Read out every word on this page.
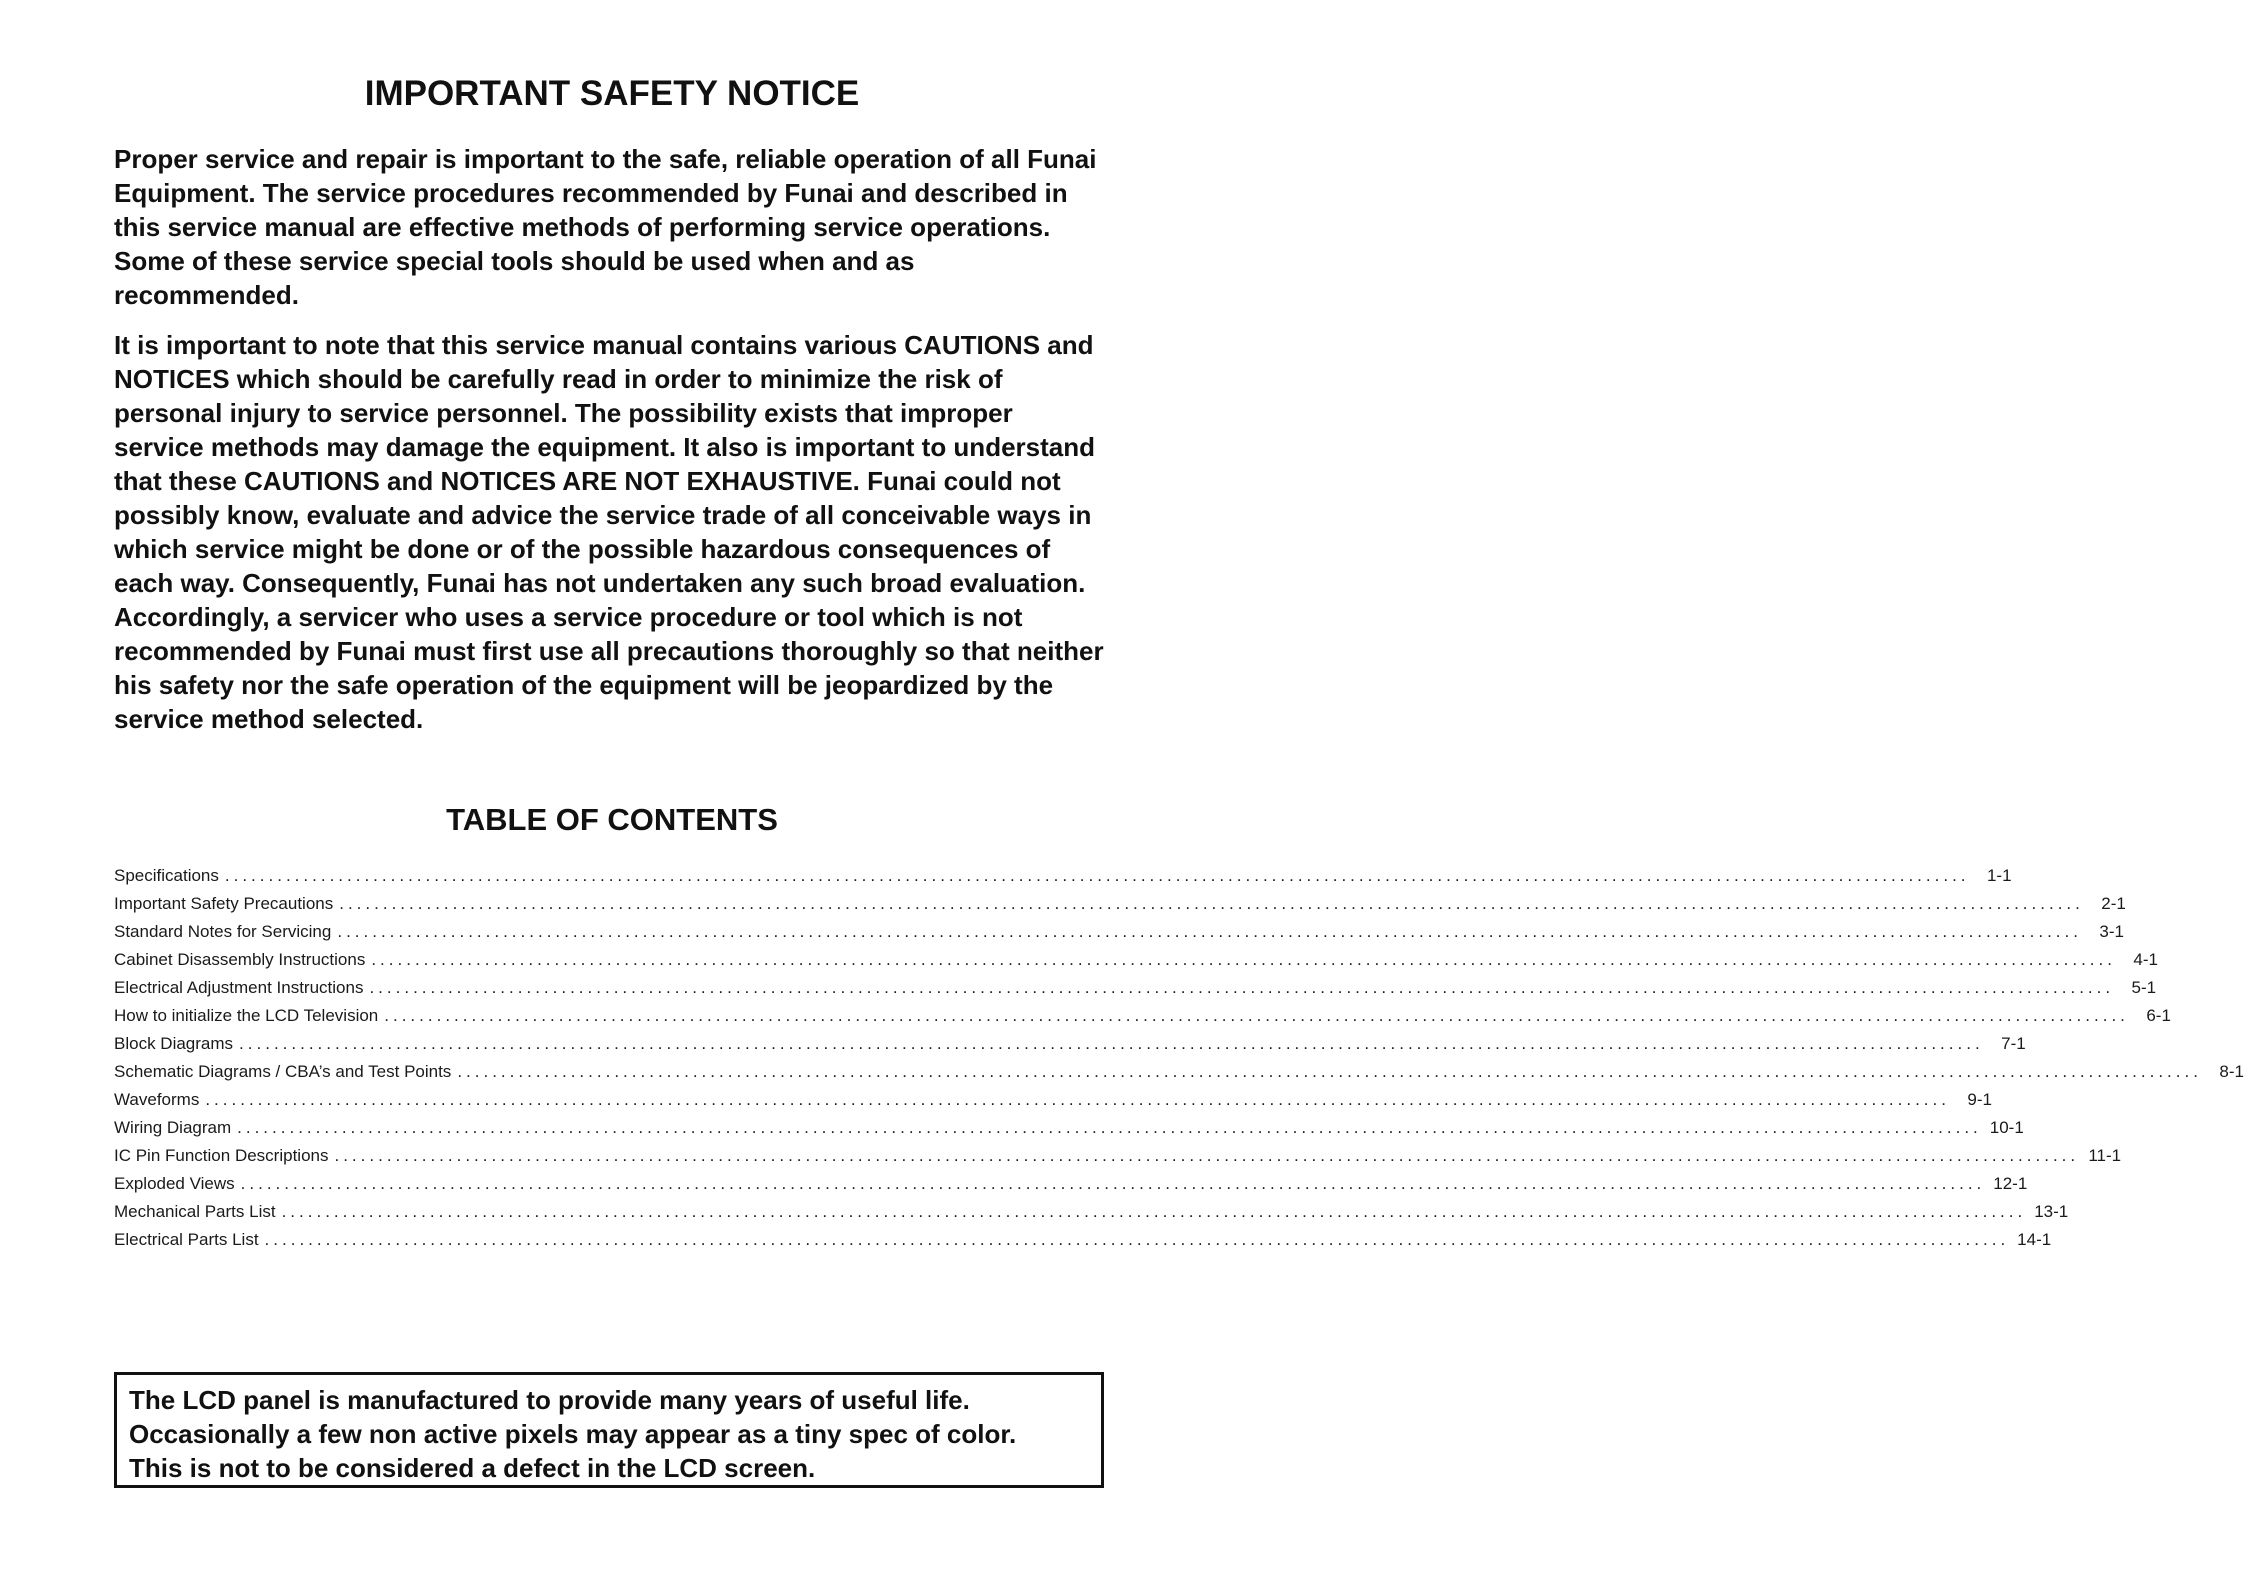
IMPORTANT SAFETY NOTICE

Proper service and repair is important to the safe, reliable operation of all Funai Equipment. The service procedures recommended by Funai and described in this service manual are effective methods of performing service operations. Some of these service special tools should be used when and as recommended.

It is important to note that this service manual contains various CAUTIONS and NOTICES which should be carefully read in order to minimize the risk of personal injury to service personnel. The possibility exists that improper service methods may damage the equipment. It also is important to understand that these CAUTIONS and NOTICES ARE NOT EXHAUSTIVE. Funai could not possibly know, evaluate and advice the service trade of all conceivable ways in which service might be done or of the possible hazardous consequences of each way. Consequently, Funai has not undertaken any such broad evaluation. Accordingly, a servicer who uses a service procedure or tool which is not recommended by Funai must first use all precautions thoroughly so that neither his safety nor the safe operation of the equipment will be jeopardized by the service method selected.

TABLE OF CONTENTS
Specifications ........................................................................................................................................................................................................	1-1
Important Safety Precautions ........................................................................................................................................................................................................	2-1
Standard Notes for Servicing ........................................................................................................................................................................................................	3-1
Cabinet Disassembly Instructions ........................................................................................................................................................................................................	4-1
Electrical Adjustment Instructions ........................................................................................................................................................................................................	5-1
How to initialize the LCD Television ........................................................................................................................................................................................................	6-1
Block Diagrams ........................................................................................................................................................................................................	7-1
Schematic Diagrams / CBA’s and Test Points ........................................................................................................................................................................................................	8-1
Waveforms ........................................................................................................................................................................................................	9-1
Wiring Diagram ........................................................................................................................................................................................................ 10-1
IC Pin Function Descriptions ........................................................................................................................................................................................................ 11-1
Exploded Views ........................................................................................................................................................................................................ 12-1
Mechanical Parts List ........................................................................................................................................................................................................ 13-1
Electrical Parts List ........................................................................................................................................................................................................ 14-1

The LCD panel is manufactured to provide many years of useful life.

Occasionally a few non active pixels may appear as a tiny spec of color.

This is not to be considered a defect in the LCD screen.
